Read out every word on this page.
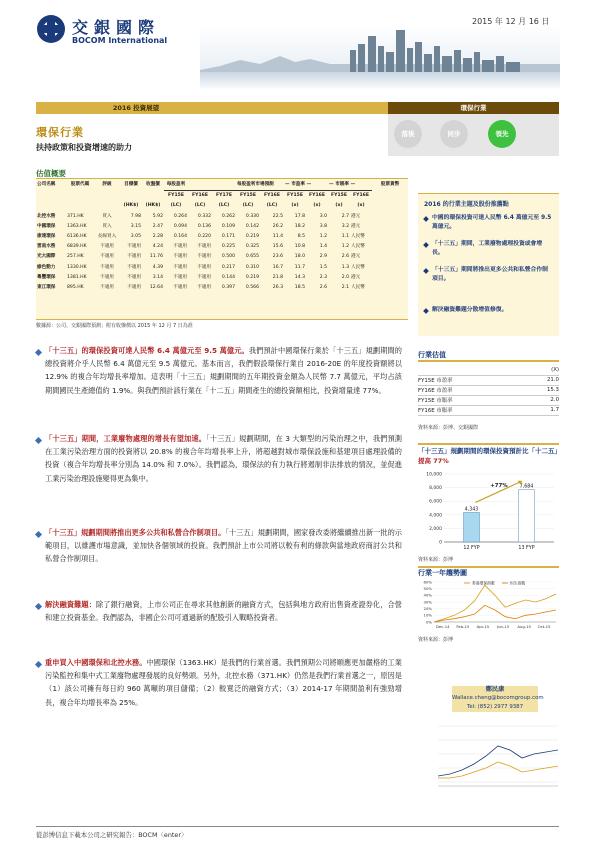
交銀國際
BOCOM International
2015 年 12 月 16 日
2016 投資展望	環保行業
環保行業
扶持政策和投資增速的助力
落後	同步	領先
估值概要
公司名稱	股票代碼	評級	目標價	收盤價	每股盈利			每股盈利市場預測		— 市盈率 —		— 市賬率 —		股票貨幣
					FY15E	FY16E	FY17E	FY15E	FY16E	FY15E	FY16E	FY15E	FY16E	
			(HK$)	(HK$)	(LC)	(LC)	(LC)	(LC)	(LC)	(x)	(x)	(x)	(x)	
北控水務	371.HK	買入	7.98	5.92	0.264	0.332	0.262	0.330	22.5	17.8	3.0	2.7	港元	
中國環保	1363.HK	買入	3.15	2.47	0.094	0.136	0.109	0.142	26.2	18.2	3.8	3.2	港元	
康達環保	6136.HK	長線買入	3.05	2.28	0.164	0.220	0.171	0.219	11.4	8.5	1.2	1.1	人民幣	
雲南水務	6839.HK	不適用	不適用	4.24	不適用	不適用	0.225	0.325	15.6	10.8	1.4	1.2	人民幣	
光大國際	257.HK	不適用	不適用	11.76	不適用	不適用	0.500	0.655	23.6	18.0	2.9	2.6	港元	
綠色動力	1330.HK	不適用	不適用	4.39	不適用	不適用	0.217	0.310	16.7	11.7	1.5	1.3	人民幣	
粵豐環保	1381.HK	不適用	不適用	3.14	不適用	不適用	0.144	0.219	21.8	14.3	2.3	2.0	港元	
東江環保	895.HK	不適用	不適用	12.64	不適用	不適用	0.397	0.566	26.3	18.5	2.6	2.1	人民幣	
數據源：公司、交銀國際預測；附有收盤價以 2015 年 12 月 7 日為准
2016 的行業主題及股份推薦點
中國的環保投資可達人民幣 6.4 萬億元至 9.5 萬億元。
「十三五」期間，工業廢物處理投資或會增長。
「十三五」期間將推出更多公共和私營合作制項目。
解決融資難題分散增值修復。
「十三五」的環保投資可達人民幣 6.4 萬億元至 9.5 萬億元。我們預計中國環保行業於「十三五」規劃期間的總投資將介乎人民幣 6.4 萬億元至 9.5 萬億元。基本而言，我們假設環保行業自 2016-20E 的年度投資額將以 12.9% 的複合年均增長率增加。這表明「十三五」規劃期間的五年期投資金額為人民幣 7.7 萬億元，平均占該期間國民生產總值約 1.9%。與我們預計該行業在「十二五」期間產生的總投資額相比，投資增量達 77%。
「十三五」期間，工業廢物處理的增長有望加速。「十三五」規劃期間，在 3 大類型的污染治理之中，我們預測在工業污染治理方面的投資將以 20.8% 的複合年均增長率上升，將超越對城市環保設施和基建項目處理設備的投資（複合年均增長率分別為 14.0% 和 7.0%）。我們認為，環保法的有力執行將遏制非法排放的情況，並促進工業污染治理設施變得更為集中。
「十三五」規劃期間將推出更多公共和私營合作制項目。「十三五」規劃期間，國家發改委將繼續推出新一批的示範項目，以維護市場意識，並加快各個領域的投資。我們預計上市公司將以較有利的條款與當地政府商討公共和私營合作制項目。
解決融資難題：除了銀行融資，上市公司正在尋求其他創新的融資方式，包括與地方政府出售資產證券化，合營和建立投資基金。我們認為，非國企公司可通過新的配股引入戰略投資者。
重申買入中國環保和北控水務。中國環保（1363.HK）是我們的行業首選。我們預期公司將順應更加嚴格的工業污染監控和集中式工業廢物處理發展的良好勢頭。另外，北控水務（371.HK）仍然是我們行業首選之一，原因是（1）該公司擁有每日約 960 萬噸的項目儲備；（2）較寬泛的融資方式；（3）2014-17 年期間盈利有強勁增長，複合年均增長率為 25%。
行業估值
	(X)
FY15E 市盈率	21.0
FY16E 市盈率	15.3
FY15E 市賬率	2.0
FY16E 市賬率	1.7
資料來源：彭博、交銀國際
「十三五」規劃期間的環保投資預計比「十二五」提高 77%
0
2,000
4,000
6,000
8,000
10,000
4,343
12 FYP
7,684
13 FYP
+77%
資料來源：彭博
行業一年趨勢圖
0%
10%
20%
30%
40%
50%
60%	香港環保指數	恒生指數
Dec-14 Feb-15 Apr-15 Jun-15 Aug-15 Oct-15
資料來源：彭博
鄭民康
Wallace.cheng@bocomgroup.com
Tel: (852) 2977 9387
從彭博信息下載本公司之研究報告：BOCM〈enter〉
